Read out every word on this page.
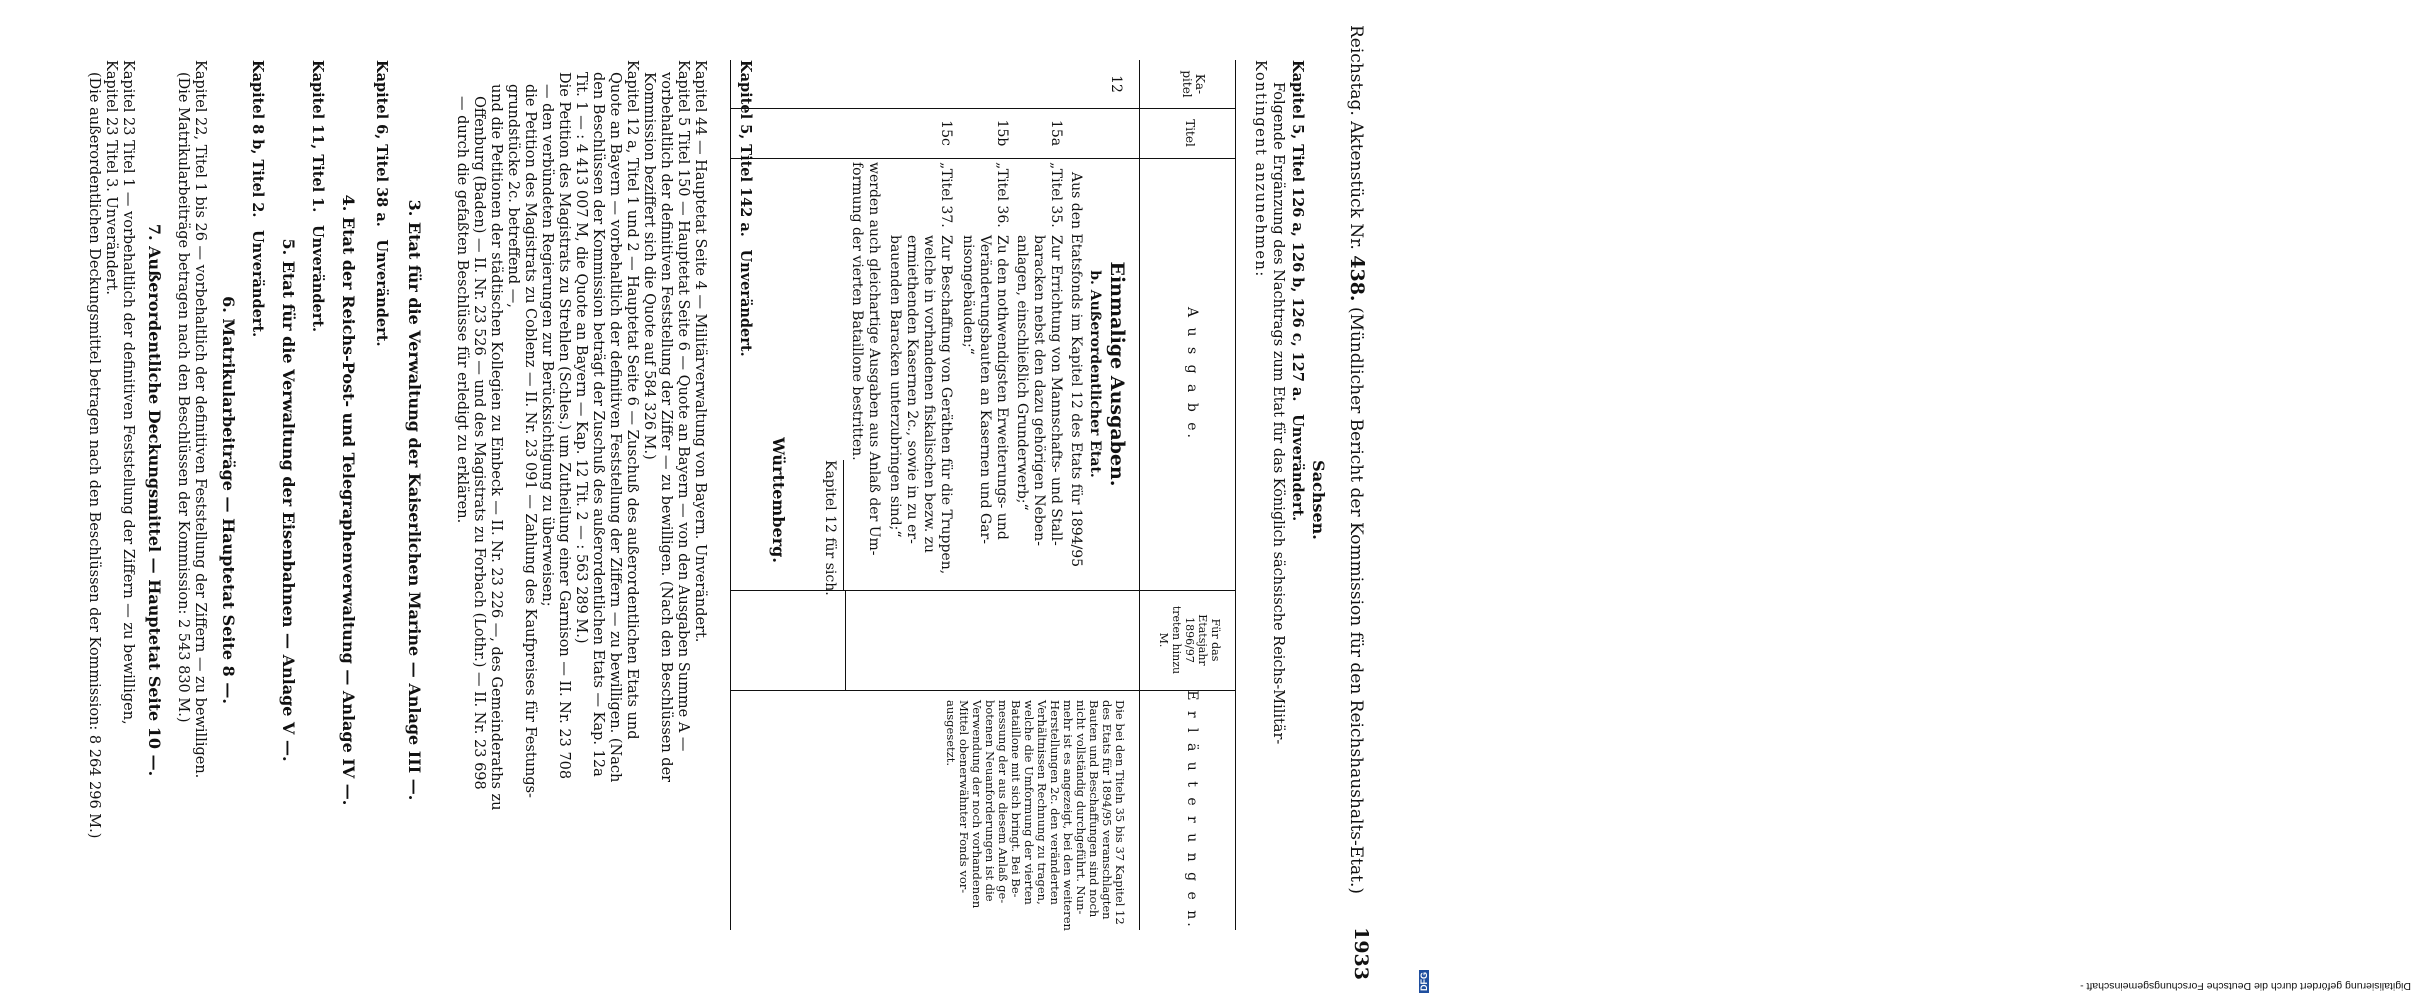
Reichstag. Aktenstück Nr. 438. (Mündlicher Bericht der Kommission für den Reichshaushalts-Etat.)
1933
Sachsen.
Kapitel 5, Titel 126 a, 126 b, 126 c, 127 a. Unverändert.
Folgende Ergänzung des Nachtrags zum Etat für das Königlich sächsische Reichs-Militär-
Kontingent anzunehmen:
Ka-
pitel
Titel
A u s g a b e.
Für das
Etatsjahr
1896/97
treten hinzu
M.
E r l ä u t e r u n g e n.
12
Einmalige Ausgaben.
b. Außerordentlicher Etat.
Aus den Etatsfonds im Kapitel 12 des Etats für 1894/95
15a
„Titel 35.
Zur Errichtung von Mannschafts- und Stall-
baracken nebst den dazu gehörigen Neben-
anlagen, einschließlich Grunderwerb;“
15b
„Titel 36.
Zu den nothwendigsten Erweiterungs- und
Veränderungsbauten an Kasernen und Gar-
nisongebäuden;“
15c
„Titel 37.
Zur Beschaffung von Geräthen für die Truppen,
welche in vorhandenen fiskalischen bezw. zu
ermiethenden Kasernen 2c., sowie in zu er-
bauenden Baracken unterzubringen sind;“
werden auch gleichartige Ausgaben aus Anlaß der Um-
formung der vierten Bataillone bestritten.
Kapitel 12 für sich.
Die bei den Titeln 35 bis 37 Kapitel 12
des Etats für 1894/95 veranschlagten
Bauten und Beschaffungen sind noch
nicht vollständig durchgeführt. Nun-
mehr ist es angezeigt, bei den weiteren
Herstellungen 2c. den veränderten
Verhältnissen Rechnung zu tragen,
welche die Umformung der vierten
Bataillone mit sich bringt. Bei Be-
messung der aus diesem Anlaß ge-
botenen Neuanforderungen ist die
Verwendung der noch vorhandenen
Mittel obenerwähnter Fonds vor-
ausgesetzt.
Württemberg.
Kapitel 5, Titel 142 a. Unverändert.
Kapitel 44 — Hauptetat Seite 4 — Militärverwaltung von Bayern. Unverändert.
Kapitel 5 Titel 150 — Hauptetat Seite 6 — Quote an Bayern — von den Ausgaben Summe A —
vorbehaltlich der definitiven Feststellung der Ziffer — zu bewilligen. (Nach den Beschlüssen der
Kommission beziffert sich die Quote auf 584 326 M.)
Kapitel 12 a, Titel 1 und 2 — Hauptetat Seite 6 — Zuschuß des außerordentlichen Etats und
Quote an Bayern — vorbehaltlich der definitiven Feststellung der Ziffern — zu bewilligen. (Nach
den Beschlüssen der Kommission beträgt der Zuschuß des außerordentlichen Etats — Kap. 12a
Tit. 1 — : 4 413 007 M, die Quote an Bayern — Kap. 12 Tit. 2 — : 563 289 M.)
Die Petition des Magistrats zu Strehlen (Schles.) um Zutheilung einer Garnison — II. Nr. 23 708
— den verbündeten Regierungen zur Berücksichtigung zu überweisen;
die Petition des Magistrats zu Coblenz — II. Nr. 23 091 — Zahlung des Kaufpreises für Festungs-
grundstücke 2c. betreffend —,
und die Petitionen der städtischen Kollegien zu Einbeck — II. Nr. 23 226 —, des Gemeinderaths zu
Offenburg (Baden) — II. Nr. 23 526 — und des Magistrats zu Forbach (Lothr.) — II. Nr. 23 698
— durch die gefaßten Beschlüsse für erledigt zu erklären.
3. Etat für die Verwaltung der Kaiserlichen Marine — Anlage III —.
Kapitel 6, Titel 38 a. Unverändert.
4. Etat der Reichs-Post- und Telegraphenverwaltung — Anlage IV —.
Kapitel 11, Titel 1. Unverändert.
5. Etat für die Verwaltung der Eisenbahnen — Anlage V —.
Kapitel 8 b, Titel 2. Unverändert.
6. Matrikularbeiträge — Hauptetat Seite 8 —.
Kapitel 22, Titel 1 bis 26 — vorbehaltlich der definitiven Feststellung der Ziffern — zu bewilligen.
(Die Matrikularbeiträge betragen nach den Beschlüssen der Kommission: 2 543 830 M.)
7. Außerordentliche Deckungsmittel — Hauptetat Seite 10 —.
Kapitel 23 Titel 1 — vorbehaltlich der definitiven Feststellung der Ziffern — zu bewilligen,
Kapitel 23 Titel 3. Unverändert.
(Die außerordentlichen Deckungsmittel betragen nach den Beschlüssen der Kommission: 8 264 296 M.)
Digitalisierung gefördert durch die Deutsche Forschungsgemeinschaft -
DFG
